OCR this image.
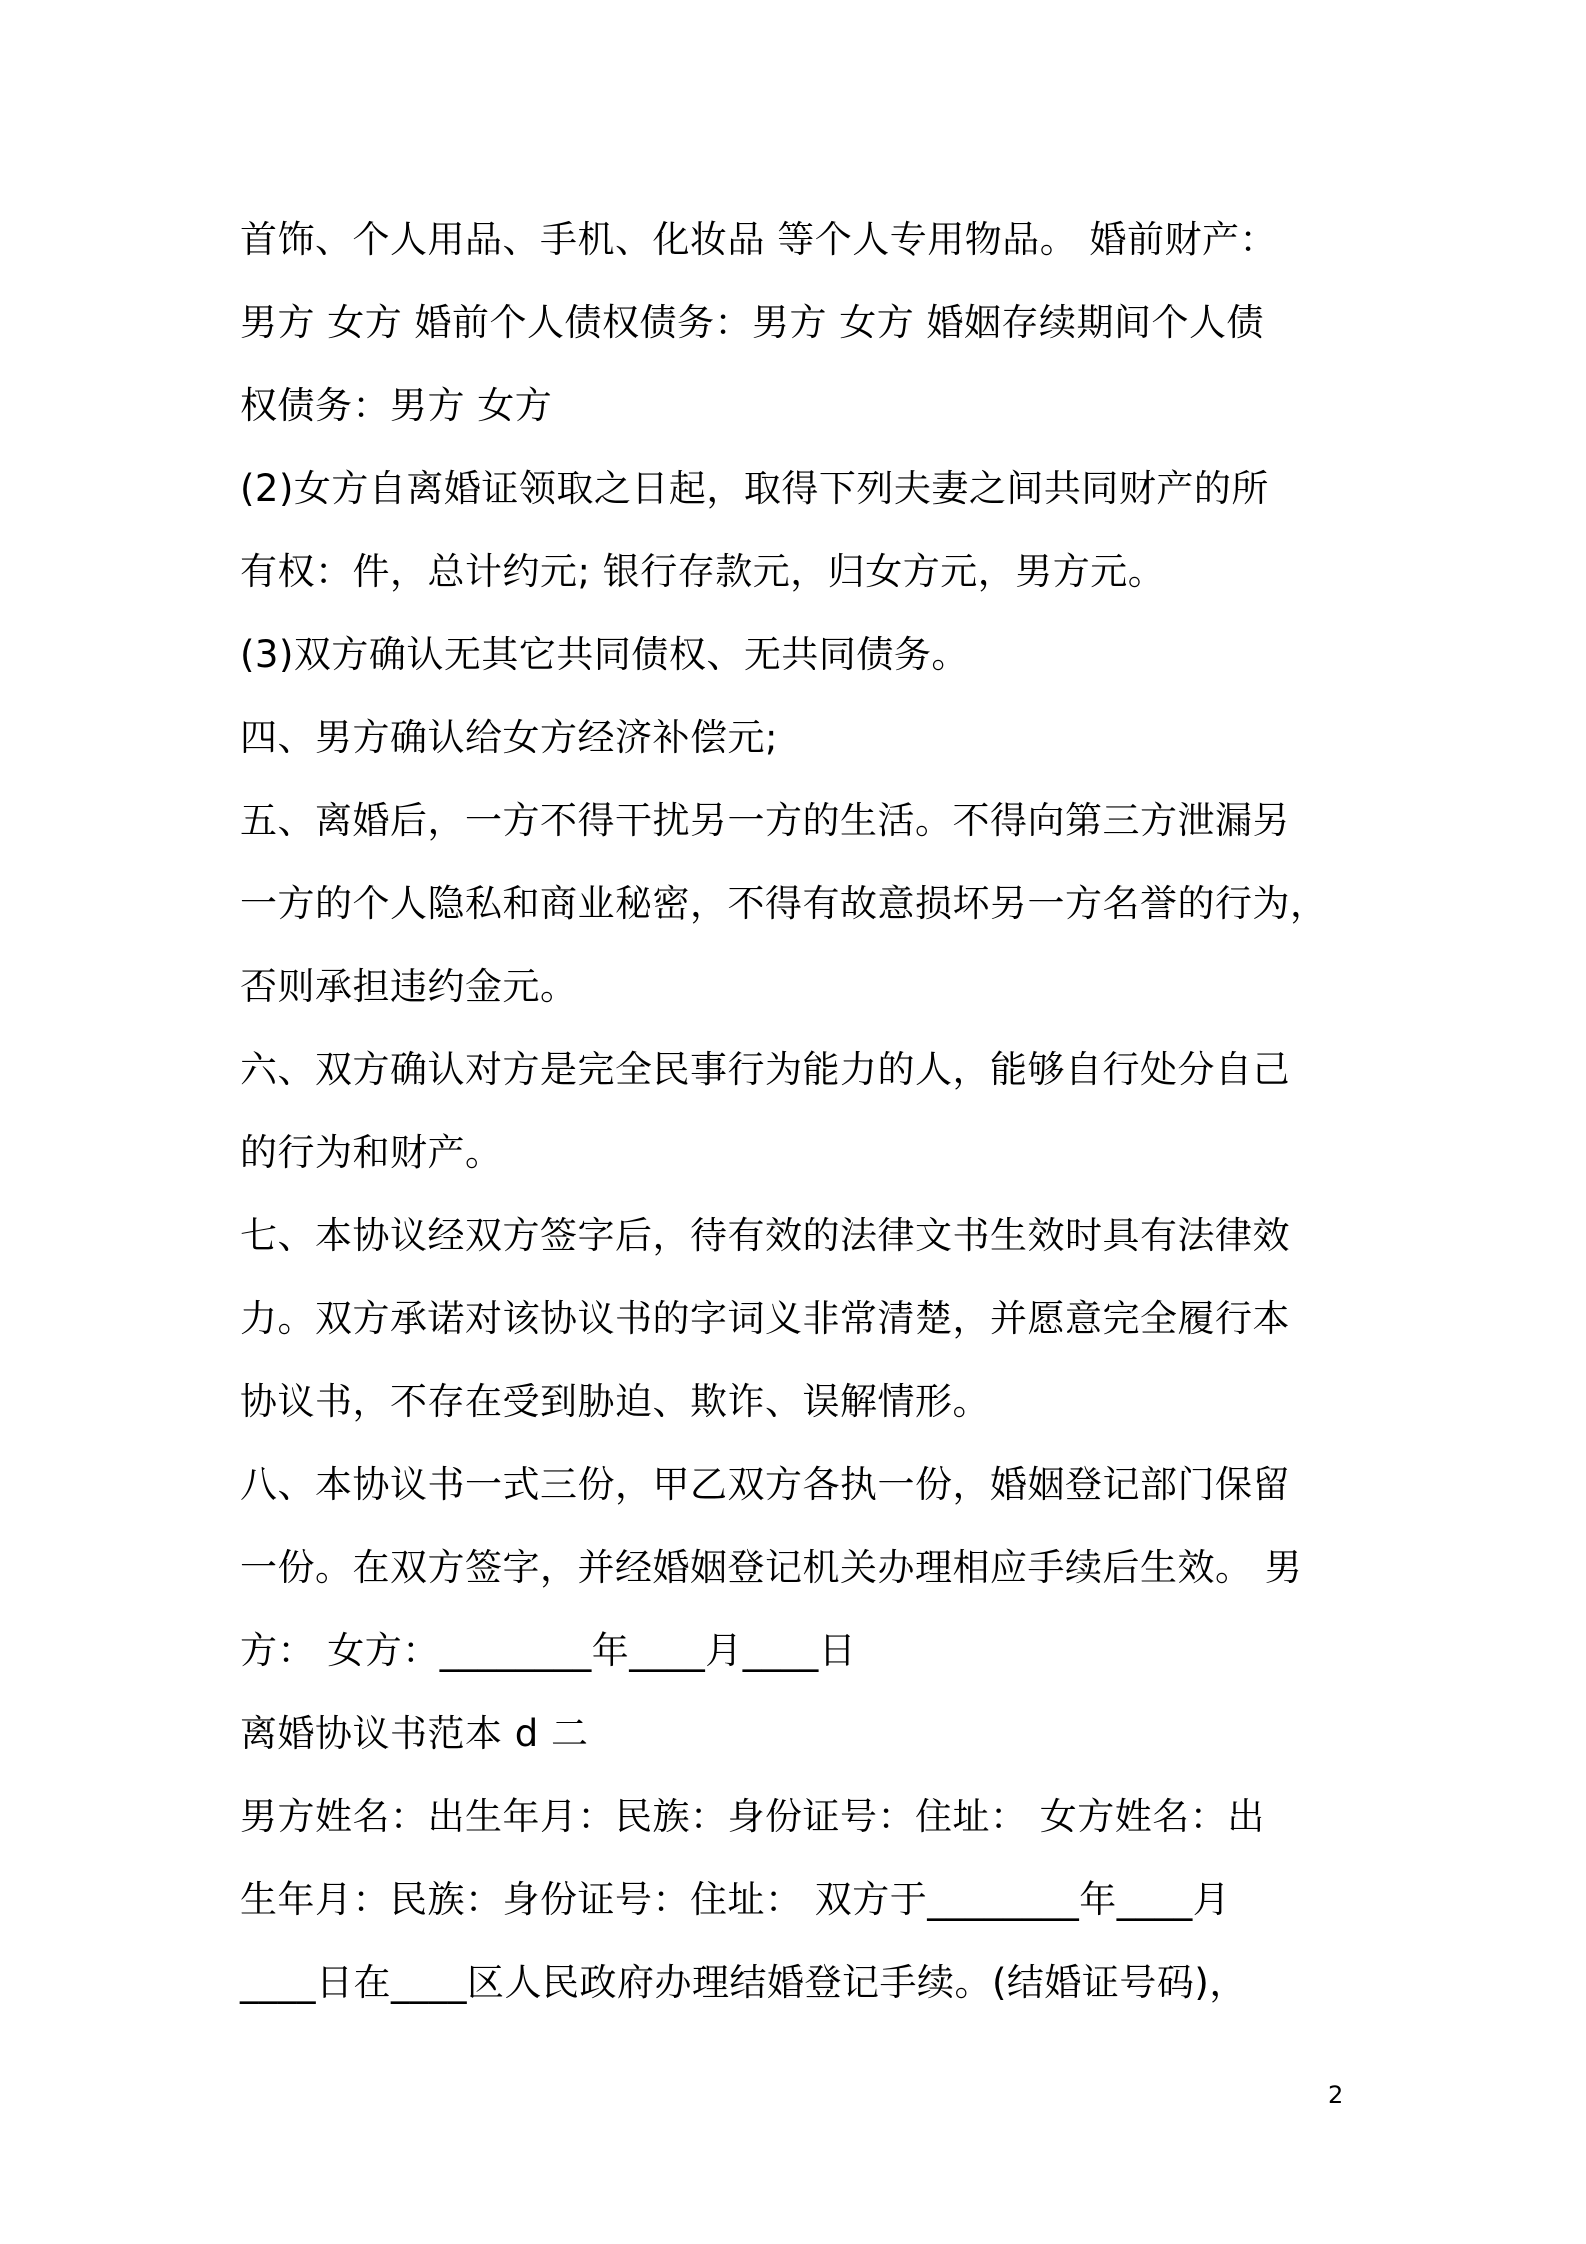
首饰、个人用品、手机、化妆品 等个人专用物品。 婚前财产：
男方 女方 婚前个人债权债务：男方 女方 婚姻存续期间个人债
权债务：男方 女方
(2)女方自离婚证领取之日起，取得下列夫妻之间共同财产的所
有权：件，总计约元; 银行存款元，归女方元，男方元。
(3)双方确认无其它共同债权、无共同债务。
四、男方确认给女方经济补偿元;
五、离婚后，一方不得干扰另一方的生活。不得向第三方泄漏另
一方的个人隐私和商业秘密，不得有故意损坏另一方名誉的行为，
否则承担违约金元。
六、双方确认对方是完全民事行为能力的人，能够自行处分自己
的行为和财产。
七、本协议经双方签字后，待有效的法律文书生效时具有法律效
力。双方承诺对该协议书的字词义非常清楚，并愿意完全履行本
协议书，不存在受到胁迫、欺诈、误解情形。
八、本协议书一式三份，甲乙双方各执一份，婚姻登记部门保留
一份。在双方签字，并经婚姻登记机关办理相应手续后生效。 男
方： 女方：________年____月____日
离婚协议书范本 d 二
男方姓名：出生年月：民族：身份证号：住址： 女方姓名：出
生年月：民族：身份证号：住址： 双方于________年____月
____日在____区人民政府办理结婚登记手续。(结婚证号码)，
2
